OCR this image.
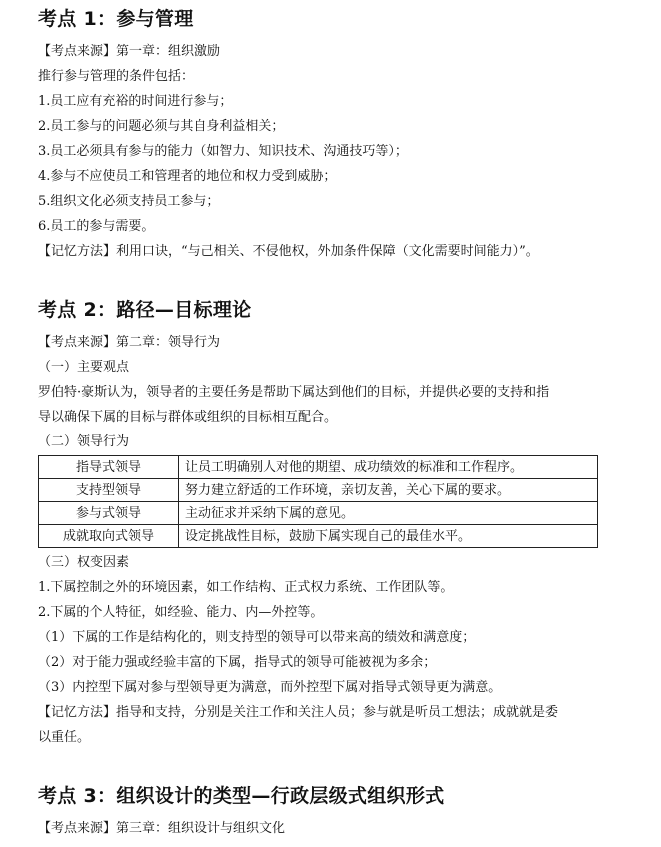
考点 1：参与管理
【考点来源】第一章：组织激励
推行参与管理的条件包括：
1.员工应有充裕的时间进行参与；
2.员工参与的问题必须与其自身利益相关；
3.员工必须具有参与的能力（如智力、知识技术、沟通技巧等）；
4.参与不应使员工和管理者的地位和权力受到威胁；
5.组织文化必须支持员工参与；
6.员工的参与需要。
【记忆方法】利用口诀，“与己相关、不侵他权，外加条件保障（文化需要时间能力）”。
考点 2：路径—目标理论
【考点来源】第二章：领导行为
（一）主要观点
罗伯特·豪斯认为，领导者的主要任务是帮助下属达到他们的目标，并提供必要的支持和指
导以确保下属的目标与群体或组织的目标相互配合。
（二）领导行为
指导式领导	让员工明确别人对他的期望、成功绩效的标准和工作程序。
支持型领导	努力建立舒适的工作环境，亲切友善，关心下属的要求。
参与式领导	主动征求并采纳下属的意见。
成就取向式领导	设定挑战性目标，鼓励下属实现自己的最佳水平。
（三）权变因素
1.下属控制之外的环境因素，如工作结构、正式权力系统、工作团队等。
2.下属的个人特征，如经验、能力、内—外控等。
（1）下属的工作是结构化的，则支持型的领导可以带来高的绩效和满意度；
（2）对于能力强或经验丰富的下属，指导式的领导可能被视为多余；
（3）内控型下属对参与型领导更为满意，而外控型下属对指导式领导更为满意。
【记忆方法】指导和支持，分别是关注工作和关注人员；参与就是听员工想法；成就就是委
以重任。
考点 3：组织设计的类型—行政层级式组织形式
【考点来源】第三章：组织设计与组织文化
